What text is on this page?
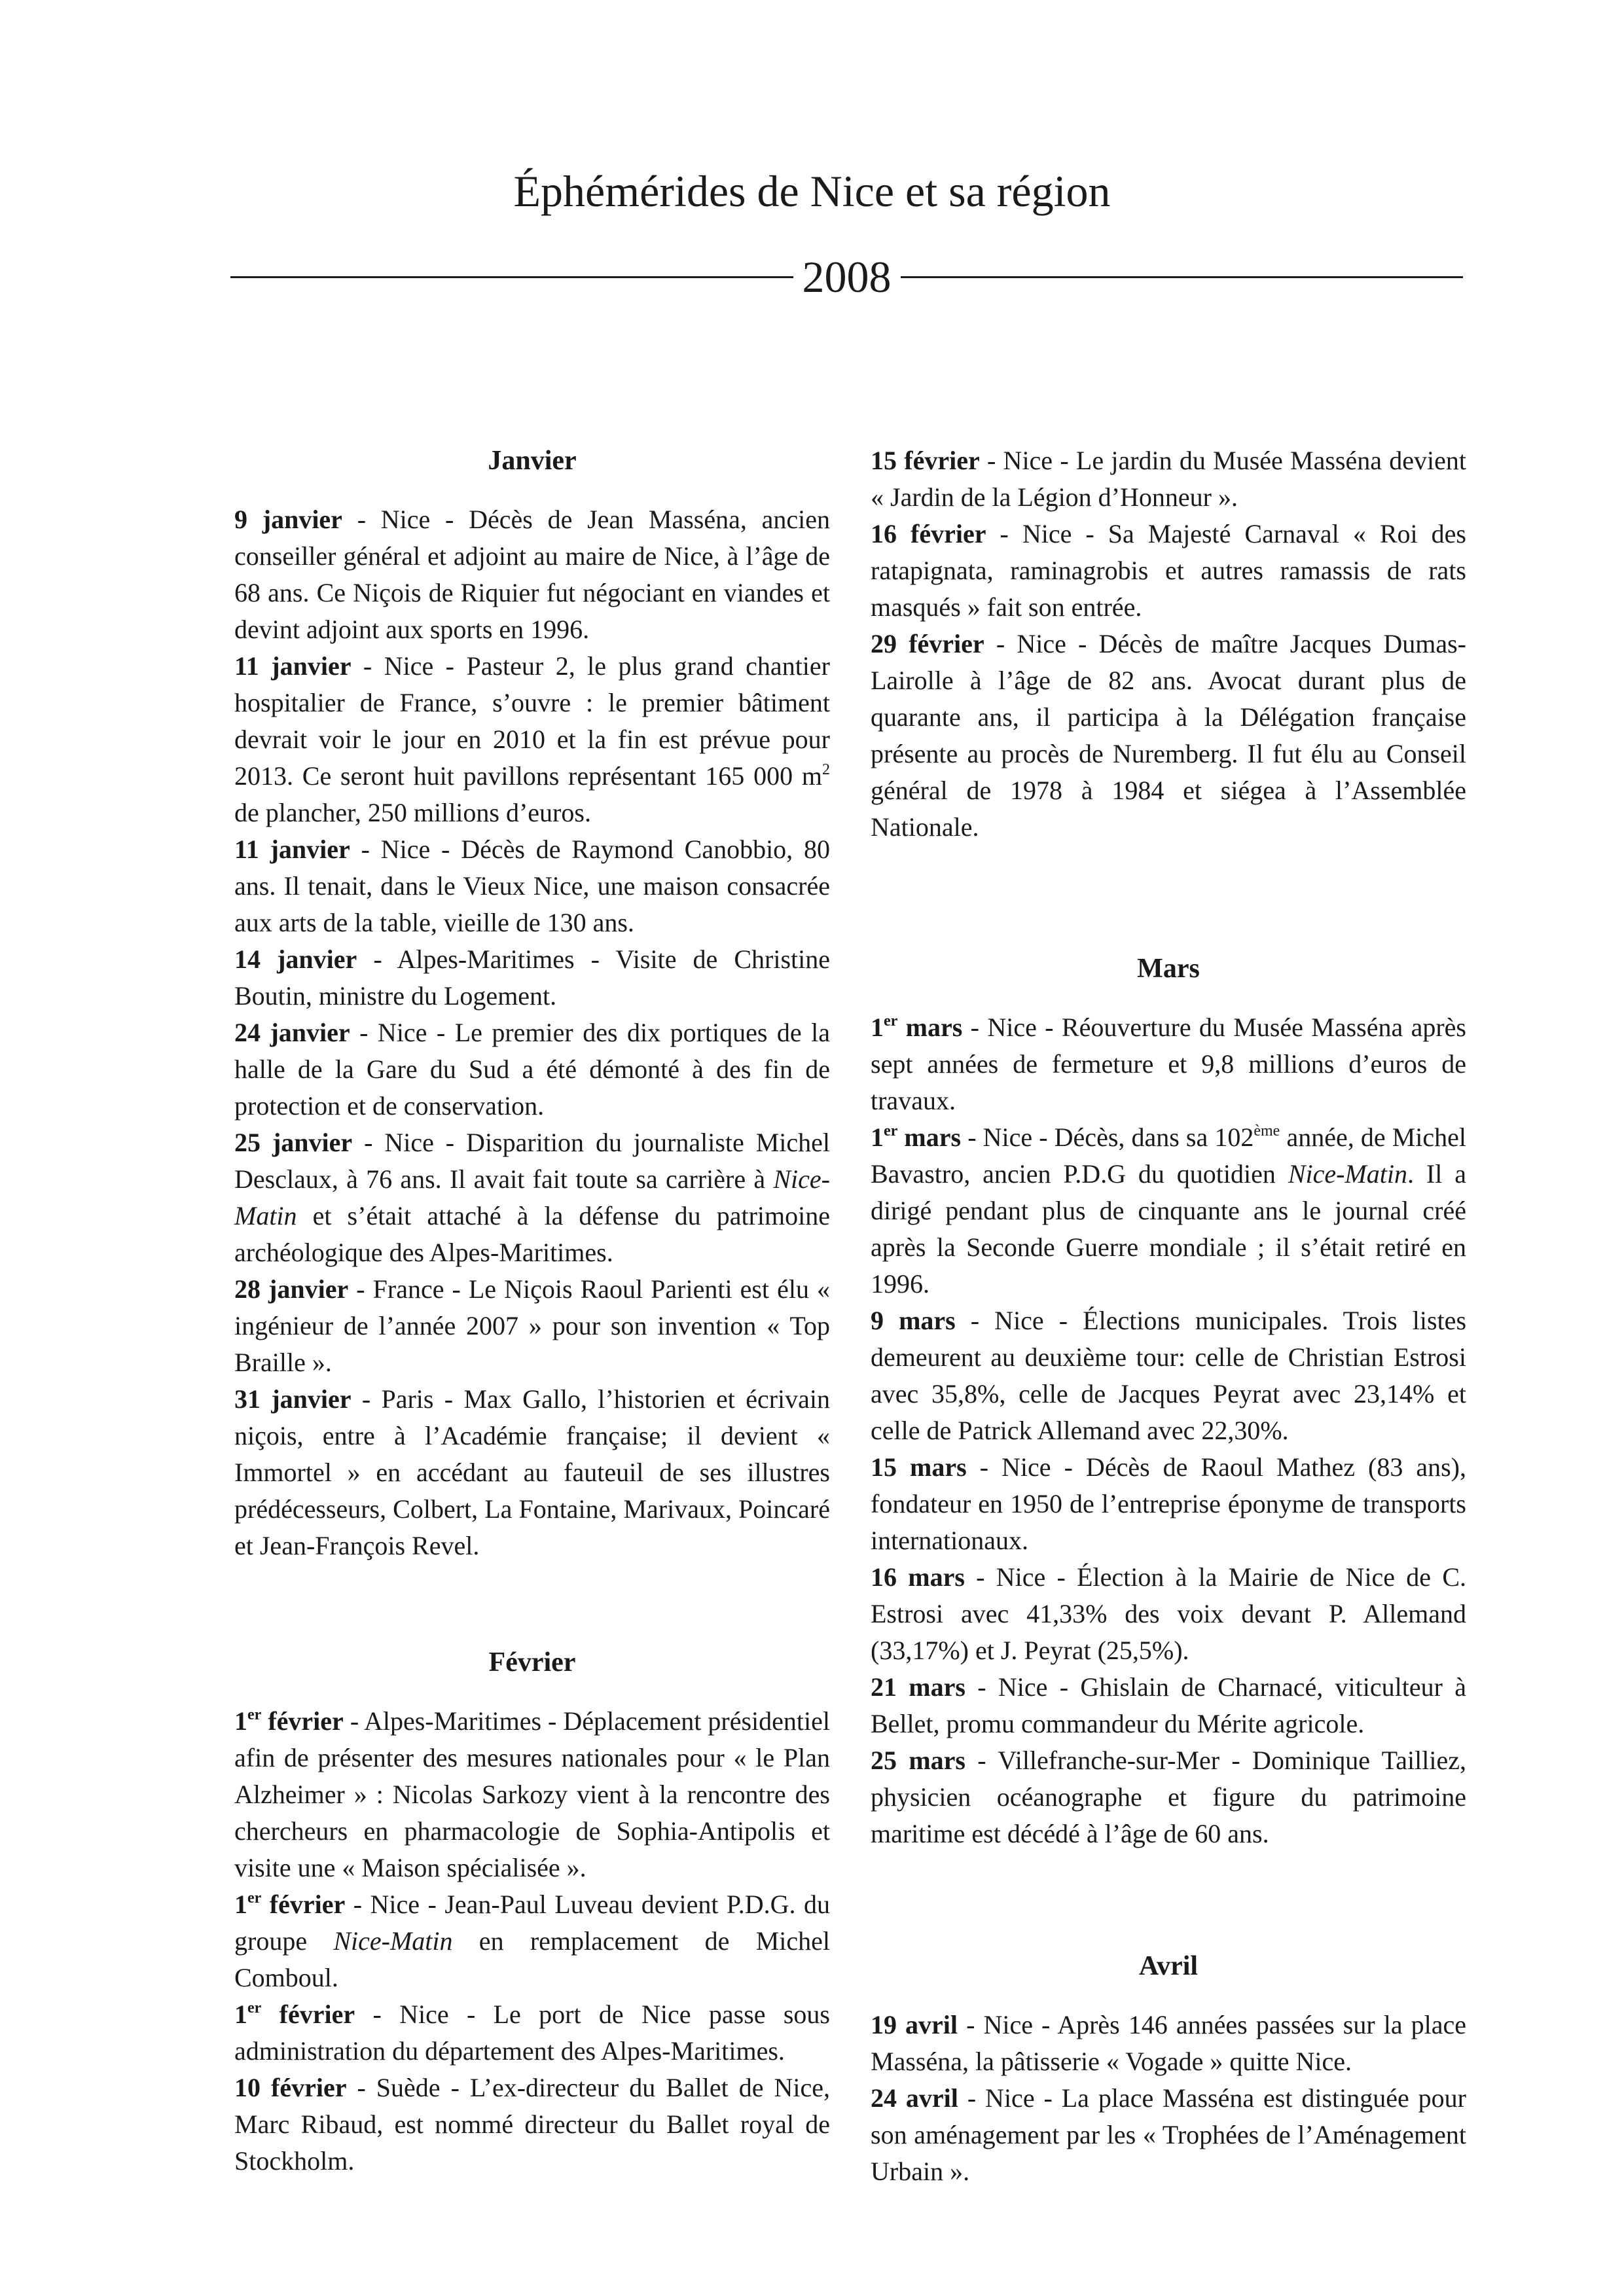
Éphémérides de Nice et sa région
2008
Janvier

9 janvier - Nice - Décès de Jean Masséna, ancien conseiller général et adjoint au maire de Nice, à l’âge de 68 ans. Ce Niçois de Riquier fut négociant en viandes et devint adjoint aux sports en 1996.

11 janvier - Nice - Pasteur 2, le plus grand chantier hospitalier de France, s’ouvre : le premier bâtiment devrait voir le jour en 2010 et la fin est prévue pour 2013. Ce seront huit pavillons représentant 165 000 $m^2$ de plancher, 250 millions d’euros.

11 janvier - Nice - Décès de Raymond Canobbio, 80 ans. Il tenait, dans le Vieux Nice, une maison consacrée aux arts de la table, vieille de 130 ans.

14 janvier - Alpes-Maritimes - Visite de Christine Boutin, ministre du Logement.

24 janvier - Nice - Le premier des dix portiques de la halle de la Gare du Sud a été démonté à des fin de protection et de conservation.

25 janvier - Nice - Disparition du journaliste Michel Desclaux, à 76 ans. Il avait fait toute sa carrière à Nice-Matin et s’était attaché à la défense du patrimoine archéologique des Alpes-Maritimes.

28 janvier - France - Le Niçois Raoul Parienti est élu « ingénieur de l’année 2007 » pour son invention « Top Braille ».

31 janvier - Paris - Max Gallo, l’historien et écrivain niçois, entre à l’Académie française; il devient « Immortel » en accédant au fauteuil de ses illustres prédécesseurs, Colbert, La Fontaine, Marivaux, Poincaré et Jean-François Revel.

Février

1er février - Alpes-Maritimes - Déplacement présidentiel afin de présenter des mesures nationales pour « le Plan Alzheimer » : Nicolas Sarkozy vient à la rencontre des chercheurs en pharmacologie de Sophia-Antipolis et visite une « Maison spécialisée ».

1er février - Nice - Jean-Paul Luveau devient P.D.G. du groupe Nice-Matin en remplacement de Michel Comboul.

1er février - Nice - Le port de Nice passe sous administration du département des Alpes-Maritimes.

10 février - Suède - L’ex-directeur du Ballet de Nice, Marc Ribaud, est nommé directeur du Ballet royal de Stockholm.

15 février - Nice - Le jardin du Musée Masséna devient « Jardin de la Légion d’Honneur ».

16 février - Nice - Sa Majesté Carnaval « Roi des ratapignata, raminagrobis et autres ramassis de rats masqués » fait son entrée.

29 février - Nice - Décès de maître Jacques Dumas-Lairolle à l’âge de 82 ans. Avocat durant plus de quarante ans, il participa à la Délégation française présente au procès de Nuremberg. Il fut élu au Conseil général de 1978 à 1984 et siégea à l’Assemblée Nationale.

Mars

1er mars - Nice - Réouverture du Musée Masséna après sept années de fermeture et 9,8 millions d’euros de travaux.

1er mars - Nice - Décès, dans sa 102ème année, de Michel Bavastro, ancien P.D.G du quotidien Nice-Matin. Il a dirigé pendant plus de cinquante ans le journal créé après la Seconde Guerre mondiale ; il s’était retiré en 1996.

9 mars - Nice - Élections municipales. Trois listes demeurent au deuxième tour: celle de Christian Estrosi avec 35,8%, celle de Jacques Peyrat avec 23,14% et celle de Patrick Allemand avec 22,30%.

15 mars - Nice - Décès de Raoul Mathez (83 ans), fondateur en 1950 de l’entreprise éponyme de transports internationaux.

16 mars - Nice - Élection à la Mairie de Nice de C. Estrosi avec 41,33% des voix devant P. Allemand (33,17%) et J. Peyrat (25,5%).

21 mars - Nice - Ghislain de Charnacé, viticulteur à Bellet, promu commandeur du Mérite agricole.

25 mars - Villefranche-sur-Mer - Dominique Tailliez, physicien océanographe et figure du patrimoine maritime est décédé à l’âge de 60 ans.

Avril

19 avril - Nice - Après 146 années passées sur la place Masséna, la pâtisserie « Vogade » quitte Nice.

24 avril - Nice - La place Masséna est distinguée pour son aménagement par les « Trophées de l’Aménagement Urbain ».
